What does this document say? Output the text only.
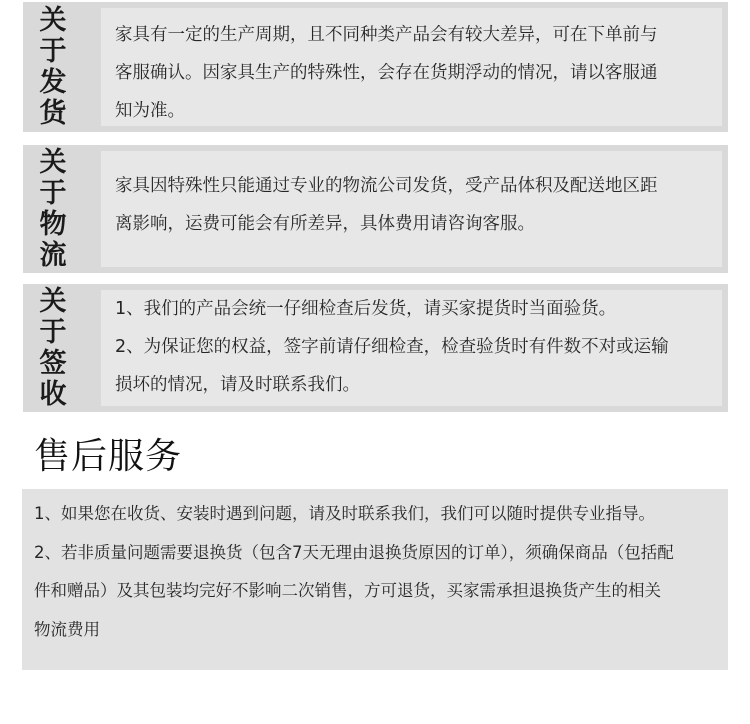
关
于
发
货

家具有一定的生产周期，且不同种类产品会有较大差异，可在下单前与

客服确认。因家具生产的特殊性，会存在货期浮动的情况，请以客服通

知为准。

关
于
物
流

家具因特殊性只能通过专业的物流公司发货，受产品体积及配送地区距

离影响，运费可能会有所差异，具体费用请咨询客服。

关
于
签
收

1、我们的产品会统一仔细检查后发货，请买家提货时当面验货。

2、为保证您的权益，签字前请仔细检查，检查验货时有件数不对或运输

损坏的情况，请及时联系我们。

售后服务

1、如果您在收货、安装时遇到问题，请及时联系我们，我们可以随时提供专业指导。

2、若非质量问题需要退换货（包含7天无理由退换货原因的订单），须确保商品（包括配

件和赠品）及其包装均完好不影响二次销售，方可退货，买家需承担退换货产生的相关

物流费用
